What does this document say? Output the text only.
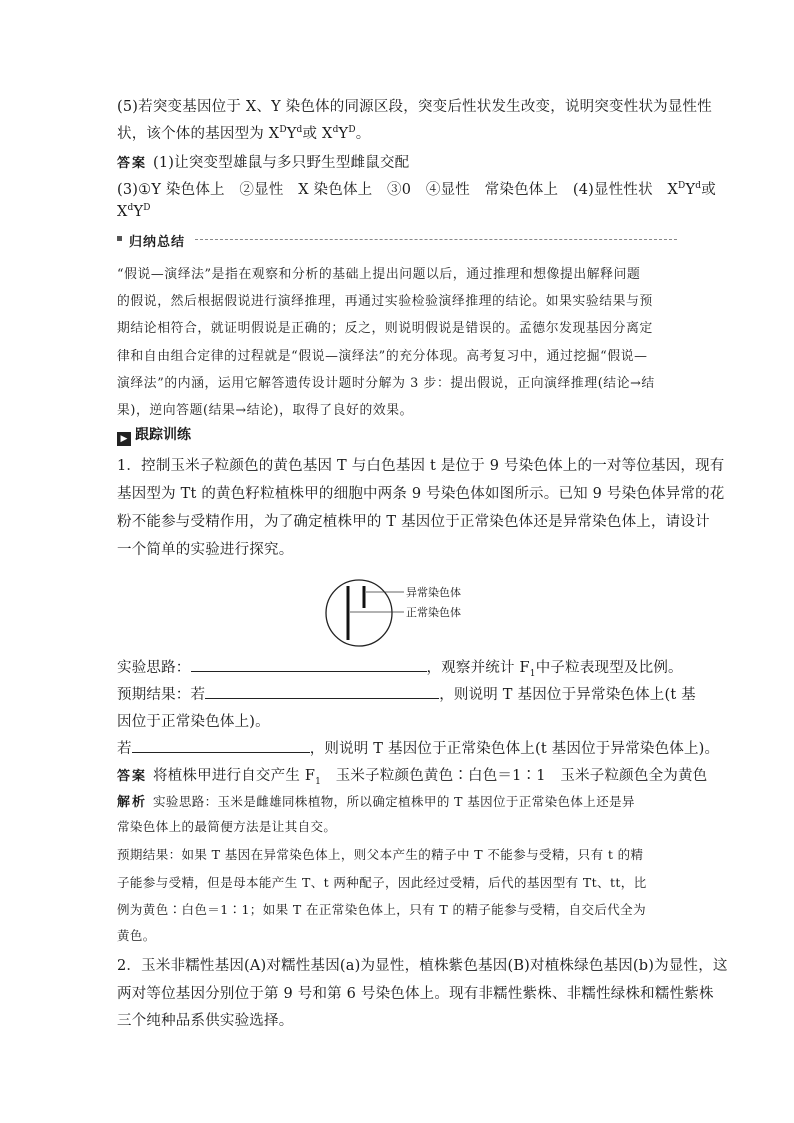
(5)若突变基因位于 X、Y 染色体的同源区段，突变后性状发生改变，说明突变性状为显性性
状，该个体的基因型为 $X^DY^d$或 $X^dY^D$。
答案 (1)让突变型雄鼠与多只野生型雌鼠交配
(3)①Y 染色体上　②显性　X 染色体上　③0　④显性　常染色体上　(4)显性性状　$X^DY^d$或
$X^dY^D$
归纳总结
“假说—演绎法”是指在观察和分析的基础上提出问题以后，通过推理和想像提出解释问题
的假说，然后根据假说进行演绎推理，再通过实验检验演绎推理的结论。如果实验结果与预
期结论相符合，就证明假说是正确的；反之，则说明假说是错误的。孟德尔发现基因分离定
律和自由组合定律的过程就是“假说—演绎法”的充分体现。高考复习中，通过挖掘“假说—
演绎法”的内涵，运用它解答遗传设计题时分解为 3 步：提出假说，正向演绎推理(结论→结
果)，逆向答题(结果→结论)，取得了良好的效果。
▶ 跟踪训练
1．控制玉米子粒颜色的黄色基因 T 与白色基因 t 是位于 9 号染色体上的一对等位基因，现有
基因型为 Tt 的黄色籽粒植株甲的细胞中两条 9 号染色体如图所示。已知 9 号染色体异常的花
粉不能参与受精作用，为了确定植株甲的 T 基因位于正常染色体还是异常染色体上，请设计
一个简单的实验进行探究。
异常染色体
正常染色体
实验思路：	，观察并统计 $F_1$中子粒表现型及比例。
预期结果：若	，则说明 T 基因位于异常染色体上(t 基
因位于正常染色体上)。
若	，则说明 T 基因位于正常染色体上(t 基因位于异常染色体上)。
答案 将植株甲进行自交产生 $F_1$　玉米子粒颜色黄色∶白色＝1∶1　玉米子粒颜色全为黄色
解析 实验思路：玉米是雌雄同株植物，所以确定植株甲的 T 基因位于正常染色体上还是异
常染色体上的最简便方法是让其自交。
预期结果：如果 T 基因在异常染色体上，则父本产生的精子中 T 不能参与受精，只有 t 的精
子能参与受精，但是母本能产生 T、t 两种配子，因此经过受精，后代的基因型有 Tt、tt，比
例为黄色∶白色＝1∶1；如果 T 在正常染色体上，只有 T 的精子能参与受精，自交后代全为
黄色。
2．玉米非糯性基因(A)对糯性基因(a)为显性，植株紫色基因(B)对植株绿色基因(b)为显性，这
两对等位基因分别位于第 9 号和第 6 号染色体上。现有非糯性紫株、非糯性绿株和糯性紫株
三个纯种品系供实验选择。
